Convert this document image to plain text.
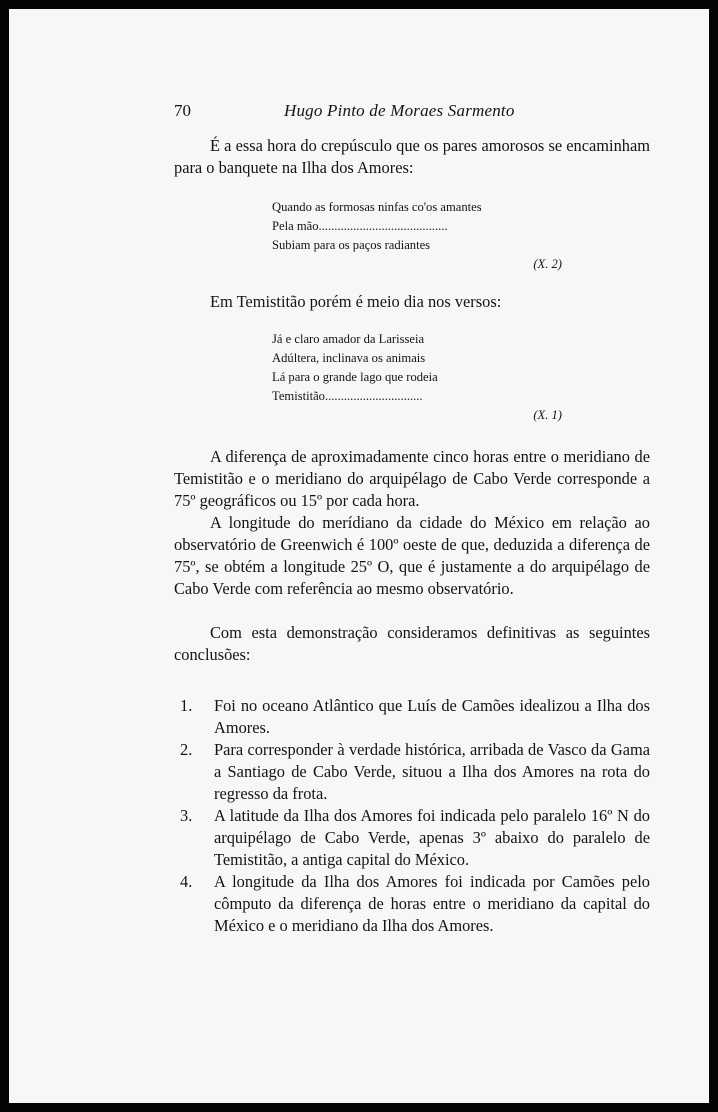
70	Hugo Pinto de Moraes Sarmento

É a essa hora do crepúsculo que os pares amorosos se encaminham para o banquete na Ilha dos Amores:

Quando as formosas ninfas co'os amantes
Pela mão.........................................
Subiam para os paços radiantes
(X. 2)

Em Temistitão porém é meio dia nos versos:

Já e claro amador da Larisseia
Adúltera, inclinava os animais
Lá para o grande lago que rodeia
Temistitão...............................
(X. 1)

A diferença de aproximadamente cinco horas entre o meridiano de Temistitão e o meridiano do arquipélago de Cabo Verde corresponde a 75º geográficos ou 15º por cada hora.

A longitude do merídiano da cidade do México em relação ao observatório de Greenwich é 100º oeste de que, deduzida a diferença de 75º, se obtém a longitude 25º O, que é justamente a do arquipélago de Cabo Verde com referência ao mesmo observatório.

Com esta demonstração consideramos definitivas as seguintes conclusões:

1. Foi no oceano Atlântico que Luís de Camões idealizou a Ilha dos Amores.
2. Para corresponder à verdade histórica, arribada de Vasco da Gama a Santiago de Cabo Verde, situou a Ilha dos Amores na rota do regresso da frota.
3. A latitude da Ilha dos Amores foi indicada pelo paralelo 16º N do arquipélago de Cabo Verde, apenas 3º abaixo do paralelo de Temistitão, a antiga capital do México.
4. A longitude da Ilha dos Amores foi indicada por Camões pelo cômputo da diferença de horas entre o meridiano da capital do México e o meridiano da Ilha dos Amores.
